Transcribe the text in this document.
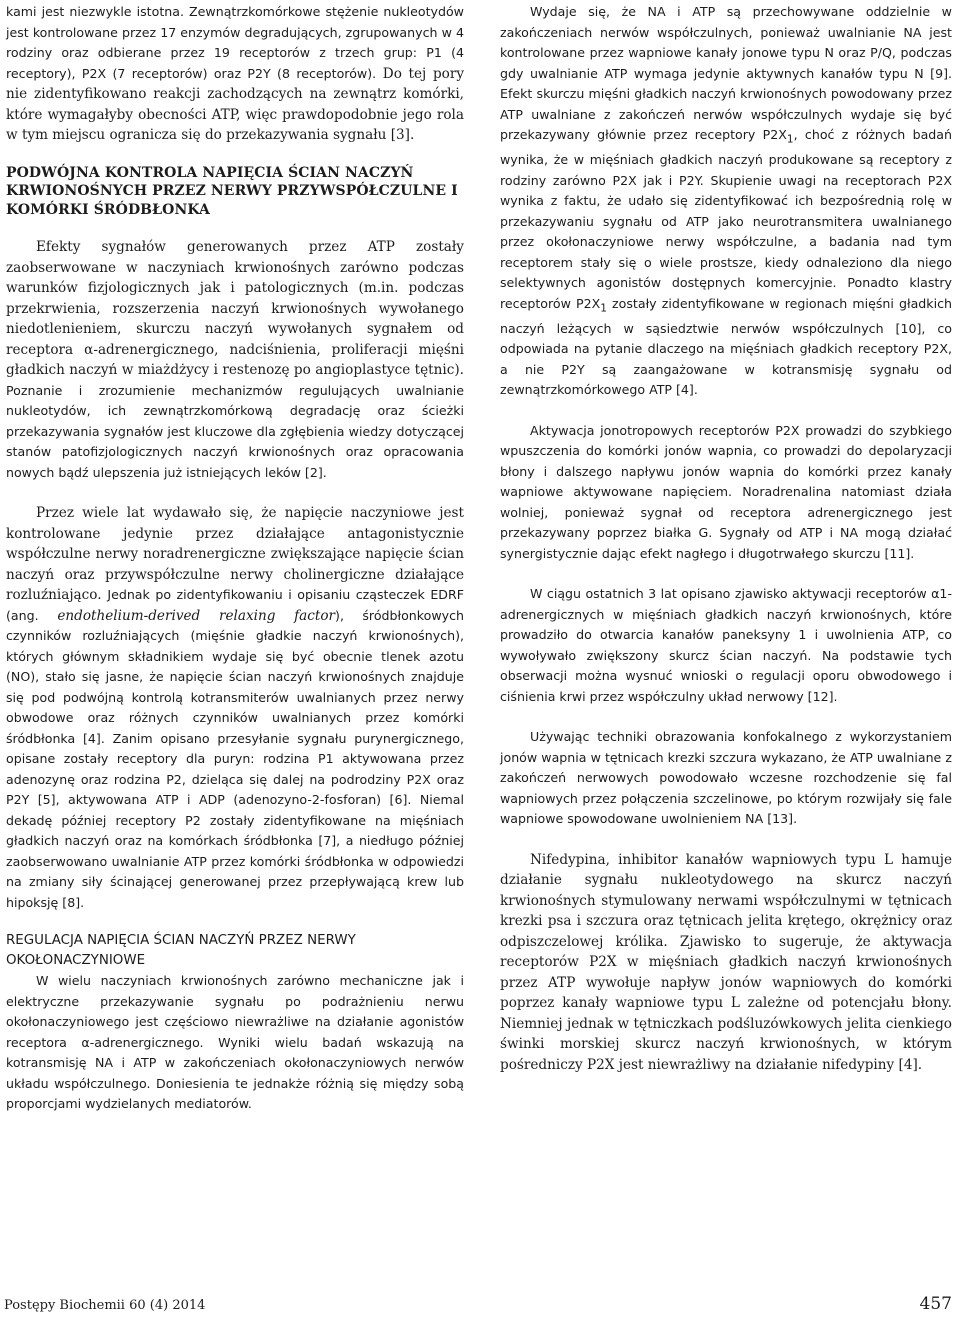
kami jest niezwykle istotna. Zewnątrzkomórkowe stężenie nukleotydów jest kontrolowane przez 17 enzymów degradujących, zgrupowanych w 4 rodziny oraz odbierane przez 19 receptorów z trzech grup: P1 (4 receptory), P2X (7 receptorów) oraz P2Y (8 receptorów). Do tej pory nie zidentyfikowano reakcji zachodzących na zewnątrz komórki, które wymagałyby obecności ATP, więc prawdopodobnie jego rola w tym miejscu ogranicza się do przekazywania sygnału [3].

PODWÓJNA KONTROLA NAPIĘCIA ŚCIAN NACZYŃ KRWIONOŚNYCH PRZEZ NERWY PRZYWSPÓŁCZULNE I KOMÓRKI ŚRÓDBŁONKA

Efekty sygnałów generowanych przez ATP zostały zaobserwowane w naczyniach krwionośnych zarówno podczas warunków fizjologicznych jak i patologicznych (m.in. podczas przekrwienia, rozszerzenia naczyń krwionośnych wywołanego niedotlenieniem, skurczu naczyń wywołanych sygnałem od receptora α-adrenergicznego, nadciśnienia, proliferacji mięśni gładkich naczyń w miażdżycy i restenozę po angioplastyce tętnic). Poznanie i zrozumienie mechanizmów regulujących uwalnianie nukleotydów, ich zewnątrzkomórkową degradację oraz ścieżki przekazywania sygnałów jest kluczowe dla zgłębienia wiedzy dotyczącej stanów patofizjologicznych naczyń krwionośnych oraz opracowania nowych bądź ulepszenia już istniejących leków [2].

Przez wiele lat wydawało się, że napięcie naczyniowe jest kontrolowane jedynie przez działające antagonistycznie współczulne nerwy noradrenergiczne zwiększające napięcie ścian naczyń oraz przywspółczulne nerwy cholinergiczne działające rozluźniająco. Jednak po zidentyfikowaniu i opisaniu cząsteczek EDRF (ang. endothelium-derived relaxing factor), śródbłonkowych czynników rozluźniających (mięśnie gładkie naczyń krwionośnych), których głównym składnikiem wydaje się być obecnie tlenek azotu (NO), stało się jasne, że napięcie ścian naczyń krwionośnych znajduje się pod podwójną kontrolą kotransmiterów uwalnianych przez nerwy obwodowe oraz różnych czynników uwalnianych przez komórki śródbłonka [4]. Zanim opisano przesyłanie sygnału purynergicznego, opisane zostały receptory dla puryn: rodzina P1 aktywowana przez adenozynę oraz rodzina P2, dzieląca się dalej na podrodziny P2X oraz P2Y [5], aktywowana ATP i ADP (adenozyno-2-fosforan) [6]. Niemal dekadę później receptory P2 zostały zidentyfikowane na mięśniach gładkich naczyń oraz na komórkach śródbłonka [7], a niedługo później zaobserwowano uwalnianie ATP przez komórki śródbłonka w odpowiedzi na zmiany siły ścinającej generowanej przez przepływającą krew lub hipoksję [8].

REGULACJA NAPIĘCIA ŚCIAN NACZYŃ PRZEZ NERWY OKOŁONACZYNIOWE

W wielu naczyniach krwionośnych zarówno mechaniczne jak i elektryczne przekazywanie sygnału po podrażnieniu nerwu okołonaczyniowego jest częściowo niewrażliwe na działanie agonistów receptora α-adrenergicznego. Wyniki wielu badań wskazują na kotransmisję NA i ATP w zakończeniach okołonaczyniowych nerwów układu współczulnego. Doniesienia te jednakże różnią się między sobą proporcjami wydzielanych mediatorów.

Wydaje się, że NA i ATP są przechowywane oddzielnie w zakończeniach nerwów współczulnych, ponieważ uwalnianie NA jest kontrolowane przez wapniowe kanały jonowe typu N oraz P/Q, podczas gdy uwalnianie ATP wymaga jedynie aktywnych kanałów typu N [9]. Efekt skurczu mięśni gładkich naczyń krwionośnych powodowany przez ATP uwalniane z zakończeń nerwów współczulnych wydaje się być przekazywany głównie przez receptory $P2X_1$, choć z różnych badań wynika, że w mięśniach gładkich naczyń produkowane są receptory z rodziny zarówno P2X jak i P2Y. Skupienie uwagi na receptorach P2X wynika z faktu, że udało się zidentyfikować ich bezpośrednią rolę w przekazywaniu sygnału od ATP jako neurotransmitera uwalnianego przez okołonaczyniowe nerwy współczulne, a badania nad tym receptorem stały się o wiele prostsze, kiedy odnaleziono dla niego selektywnych agonistów dostępnych komercyjnie. Ponadto klastry receptorów $P2X_1$ zostały zidentyfikowane w regionach mięśni gładkich naczyń leżących w sąsiedztwie nerwów współczulnych [10], co odpowiada na pytanie dlaczego na mięśniach gładkich receptory P2X, a nie P2Y są zaangażowane w kotransmisję sygnału od zewnątrzkomórkowego ATP [4].

Aktywacja jonotropowych receptorów P2X prowadzi do szybkiego wpuszczenia do komórki jonów wapnia, co prowadzi do depolaryzacji błony i dalszego napływu jonów wapnia do komórki przez kanały wapniowe aktywowane napięciem. Noradrenalina natomiast działa wolniej, ponieważ sygnał od receptora adrenergicznego jest przekazywany poprzez białka G. Sygnały od ATP i NA mogą działać synergistycznie dając efekt nagłego i długotrwałego skurczu [11].

W ciągu ostatnich 3 lat opisano zjawisko aktywacji receptorów α1-adrenergicznych w mięśniach gładkich naczyń krwionośnych, które prowadziło do otwarcia kanałów paneksyny 1 i uwolnienia ATP, co wywoływało zwiększony skurcz ścian naczyń. Na podstawie tych obserwacji można wysnuć wnioski o regulacji oporu obwodowego i ciśnienia krwi przez współczulny układ nerwowy [12].

Używając techniki obrazowania konfokalnego z wykorzystaniem jonów wapnia w tętnicach krezki szczura wykazano, że ATP uwalniane z zakończeń nerwowych powodowało wczesne rozchodzenie się fal wapniowych przez połączenia szczelinowe, po którym rozwijały się fale wapniowe spowodowane uwolnieniem NA [13].

Nifedypina, inhibitor kanałów wapniowych typu L hamuje działanie sygnału nukleotydowego na skurcz naczyń krwionośnych stymulowany nerwami współczulnymi w tętnicach krezki psa i szczura oraz tętnicach jelita krętego, okrężnicy oraz odpiszczelowej królika. Zjawisko to sugeruje, że aktywacja receptorów P2X w mięśniach gładkich naczyń krwionośnych przez ATP wywołuje napływ jonów wapniowych do komórki poprzez kanały wapniowe typu L zależne od potencjału błony. Niemniej jednak w tętniczkach podśluzówkowych jelita cienkiego świnki morskiej skurcz naczyń krwionośnych, w którym pośredniczy P2X jest niewrażliwy na działanie nifedypiny [4].

Postępy Biochemii 60 (4) 2014	457
